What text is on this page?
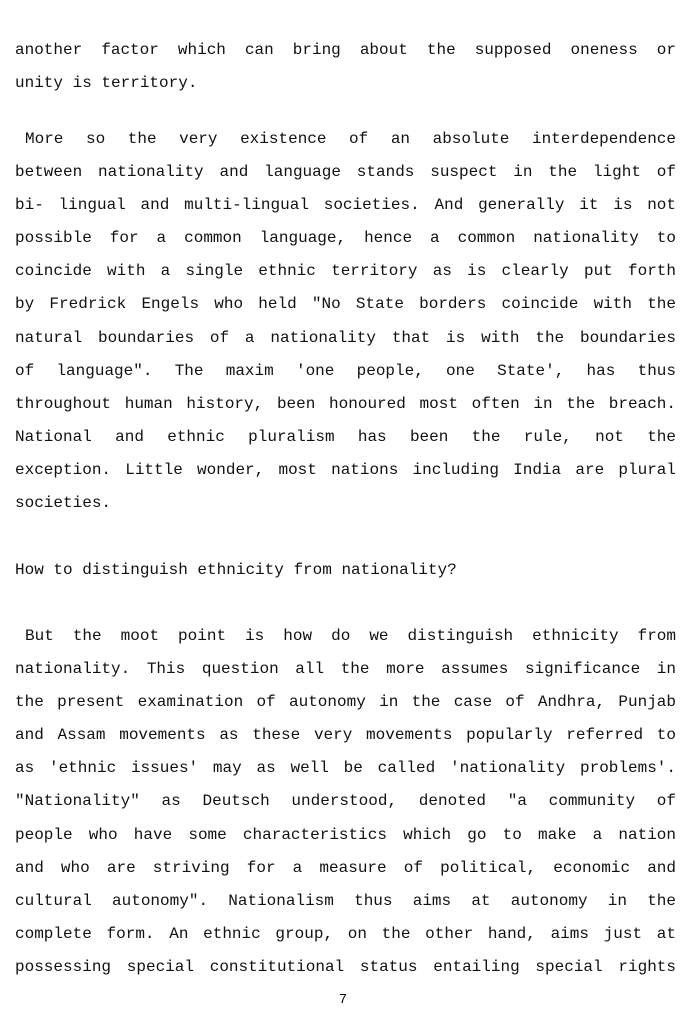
another factor which can bring about the supposed oneness or
unity is territory.
More so the very existence of an absolute interdependence
between nationality and language stands suspect in the light of
bi- lingual and multi-lingual societies. And generally it is not
possible for a common language, hence a common nationality to
coincide with a single ethnic territory as is clearly put forth
by Fredrick Engels who held "No State borders coincide with the
natural boundaries of a nationality that is with the boundaries
of language". The maxim 'one people, one State', has thus
throughout human history, been honoured most often in the breach.
National and ethnic pluralism has been the rule, not the
exception. Little wonder, most nations including India are plural
societies.
How to distinguish ethnicity from nationality?
But the moot point is how do we distinguish ethnicity from
nationality. This question all the more assumes significance in
the present examination of autonomy in the case of Andhra, Punjab
and Assam movements as these very movements popularly referred to
as 'ethnic issues' may as well be called 'nationality problems'.
"Nationality" as Deutsch understood, denoted "a community of
people who have some characteristics which go to make a nation
and who are striving for a measure of political, economic and
cultural autonomy". Nationalism thus aims at autonomy in the
complete form. An ethnic group, on the other hand, aims just at
possessing special constitutional status entailing special rights
7
